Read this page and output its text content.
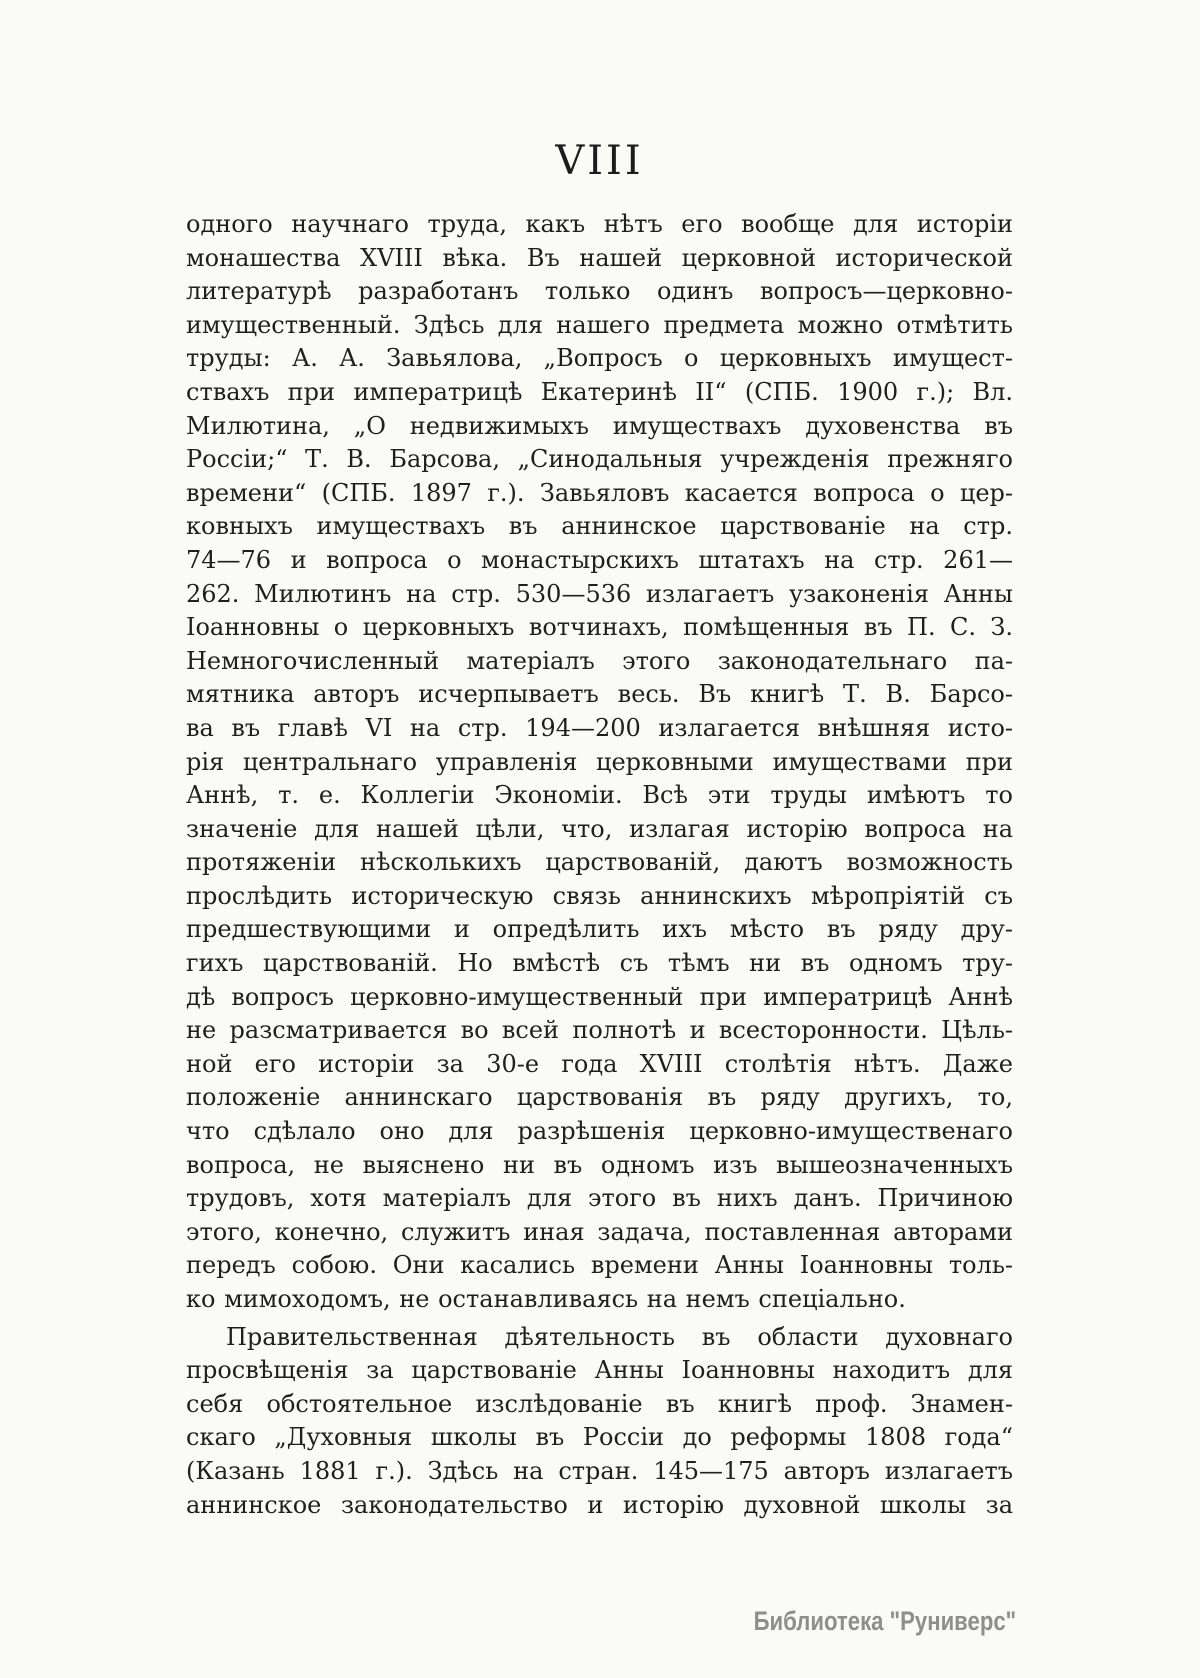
VIII
одного научнаго труда, какъ нѣтъ его вообще для исторіи
монашества XVIII вѣка. Въ нашей церковной исторической
литературѣ разработанъ только одинъ вопросъ—церковно-
имущественный. Здѣсь для нашего предмета можно отмѣтить
труды: А. А. Завьялова, „Вопросъ о церковныхъ имущест-
ствахъ при императрицѣ Екатеринѣ II“ (СПБ. 1900 г.); Вл.
Милютина, „О недвижимыхъ имуществахъ духовенства въ
Россіи;“ Т. В. Барсова, „Синодальныя учрежденія прежняго
времени“ (СПБ. 1897 г.). Завьяловъ касается вопроса о цер-
ковныхъ имуществахъ въ аннинское царствованіе на стр.
74—76 и вопроса о монастырскихъ штатахъ на стр. 261—
262. Милютинъ на стр. 530—536 излагаетъ узаконенія Анны
Іоанновны о церковныхъ вотчинахъ, помѣщенныя въ П. С. З.
Немногочисленный матеріалъ этого законодательнаго па-
мятника авторъ исчерпываетъ весь. Въ книгѣ Т. В. Барсо-
ва въ главѣ VI на стр. 194—200 излагается внѣшняя исто-
рія центральнаго управленія церковными имуществами при
Аннѣ, т. е. Коллегіи Экономіи. Всѣ эти труды имѣютъ то
значеніе для нашей цѣли, что, излагая исторію вопроса на
протяженіи нѣсколькихъ царствованій, даютъ возможность
прослѣдить историческую связь аннинскихъ мѣропріятій съ
предшествующими и опредѣлить ихъ мѣсто въ ряду дру-
гихъ царствованій. Но вмѣстѣ съ тѣмъ ни въ одномъ тру-
дѣ вопросъ церковно-имущественный при императрицѣ Аннѣ
не разсматривается во всей полнотѣ и всесторонности. Цѣль-
ной его исторіи за 30-е года XVIII столѣтія нѣтъ. Даже
положеніе аннинскаго царствованія въ ряду другихъ, то,
что сдѣлало оно для разрѣшенія церковно-имущественаго
вопроса, не выяснено ни въ одномъ изъ вышеозначенныхъ
трудовъ, хотя матеріалъ для этого въ нихъ данъ. Причиною
этого, конечно, служитъ иная задача, поставленная авторами
передъ собою. Они касались времени Анны Іоанновны толь-
ко мимоходомъ, не останавливаясь на немъ спеціально.
Правительственная дѣятельность въ области духовнаго
просвѣщенія за царствованіе Анны Іоанновны находитъ для
себя обстоятельное изслѣдованіе въ книгѣ проф. Знамен-
скаго „Духовныя школы въ Россіи до реформы 1808 года“
(Казань 1881 г.). Здѣсь на стран. 145—175 авторъ излагаетъ
аннинское законодательство и исторію духовной школы за
Библиотека "Руниверс"
